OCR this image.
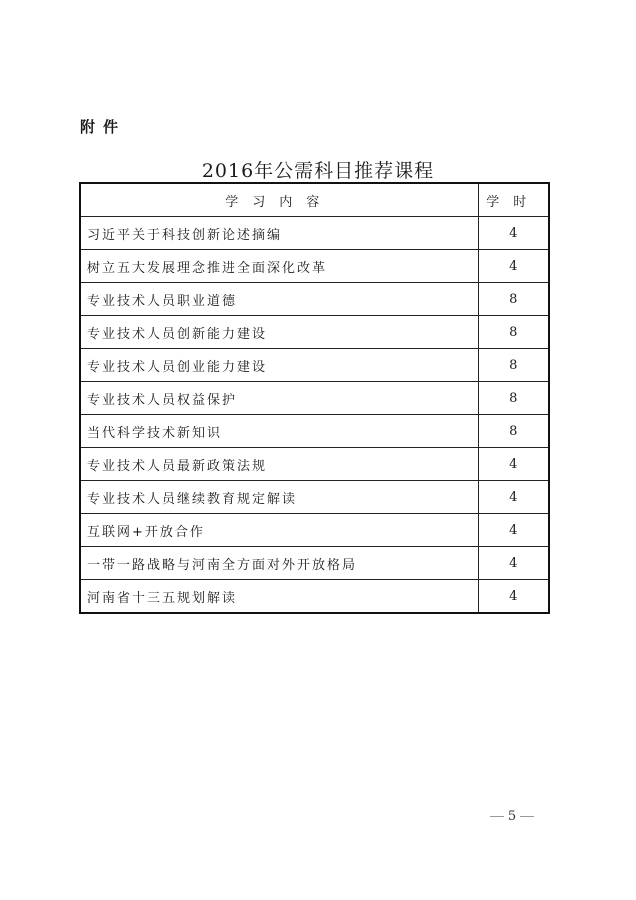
附件
2016年公需科目推荐课程
学习内容	学时
习近平关于科技创新论述摘编	4
树立五大发展理念推进全面深化改革	4
专业技术人员职业道德	8
专业技术人员创新能力建设	8
专业技术人员创业能力建设	8
专业技术人员权益保护	8
当代科学技术新知识	8
专业技术人员最新政策法规	4
专业技术人员继续教育规定解读	4
互联网+开放合作	4
一带一路战略与河南全方面对外开放格局	4
河南省十三五规划解读	4
5
